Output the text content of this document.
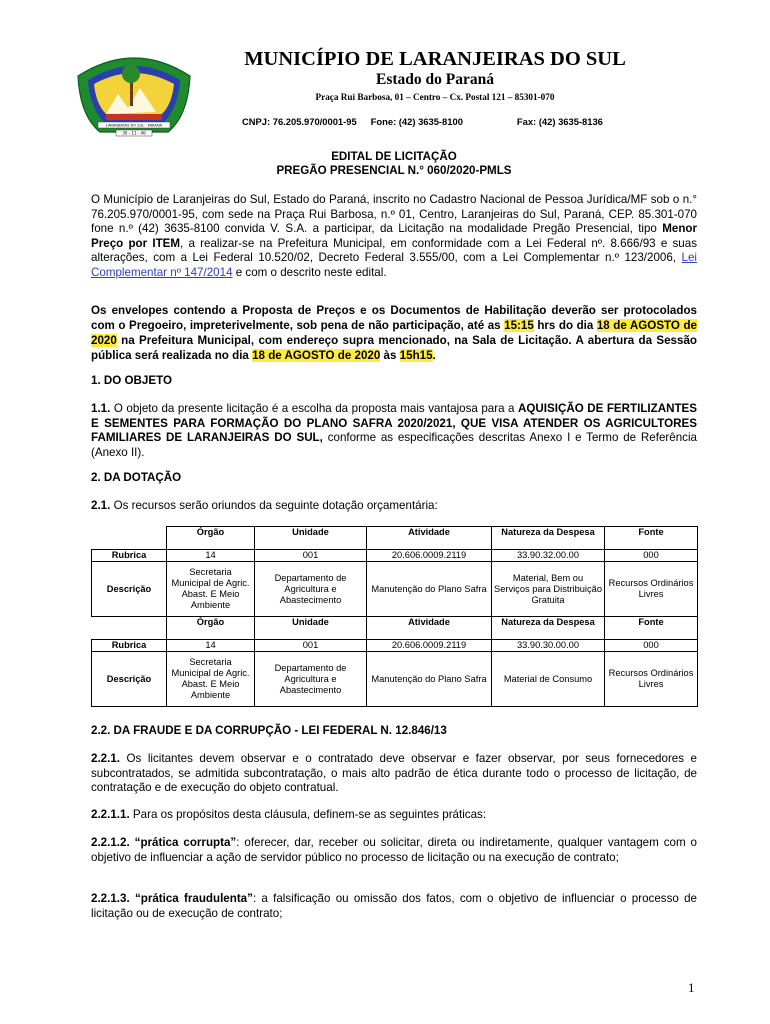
LARANJEIRAS DO SUL - PARANÁ
30 - 11 - 46
MUNICÍPIO DE LARANJEIRAS DO SUL
Estado do Paraná
Praça Rui Barbosa, 01 – Centro – Cx. Postal 121 – 85301-070
CNPJ: 76.205.970/0001-95 Fone: (42) 3635-8100	Fax: (42) 3635-8136
EDITAL DE LICITAÇÃO
PREGÃO PRESENCIAL N.° 060/2020-PMLS
O Município de Laranjeiras do Sul, Estado do Paraná, inscrito no Cadastro Nacional de Pessoa Jurídica/MF sob o n.° 76.205.970/0001-95, com sede na Praça Rui Barbosa, n.º 01, Centro, Laranjeiras do Sul, Paraná, CEP. 85.301-070 fone n.º (42) 3635-8100 convida V. S.A. a participar, da Licitação na modalidade Pregão Presencial, tipo Menor Preço por ITEM, a realizar-se na Prefeitura Municipal, em conformidade com a Lei Federal nº. 8.666/93 e suas alterações, com a Lei Federal 10.520/02, Decreto Federal 3.555/00, com a Lei Complementar n.º 123/2006, Lei Complementar nº 147/2014 e com o descrito neste edital.
Os envelopes contendo a Proposta de Preços e os Documentos de Habilitação deverão ser protocolados com o Pregoeiro, impreterivelmente, sob pena de não participação, até as 15:15 hrs do dia 18 de AGOSTO de 2020 na Prefeitura Municipal, com endereço supra mencionado, na Sala de Licitação. A abertura da Sessão pública será realizada no dia 18 de AGOSTO de 2020 às 15h15.
1. DO OBJETO
1.1. O objeto da presente licitação é a escolha da proposta mais vantajosa para a AQUISIÇÃO DE FERTILIZANTES E SEMENTES PARA FORMAÇÃO DO PLANO SAFRA 2020/2021, QUE VISA ATENDER OS AGRICULTORES FAMILIARES DE LARANJEIRAS DO SUL, conforme as especificações descritas Anexo I e Termo de Referência (Anexo II).
2. DA DOTAÇÃO
2.1. Os recursos serão oriundos da seguinte dotação orçamentária:
	Órgão	Unidade	Atividade	Natureza da Despesa	Fonte
Rubrica	14	001	20.606.0009.2119	33.90.32.00.00	000
Descrição	Secretaria Municipal de Agric. Abast. E Meio Ambiente	Departamento de Agricultura e Abastecimento	Manutenção do Plano Safra	Material, Bem ou Serviços para Distribuição Gratuita	Recursos Ordinários Livres
	Órgão	Unidade	Atividade	Natureza da Despesa	Fonte
Rubrica	14	001	20.606.0009.2119	33.90.30.00.00	000
Descrição	Secretaria Municipal de Agric. Abast. E Meio Ambiente	Departamento de Agricultura e Abastecimento	Manutenção do Plano Safra	Material de Consumo	Recursos Ordinários Livres
2.2. DA FRAUDE E DA CORRUPÇÃO - LEI FEDERAL N. 12.846/13
2.2.1. Os licitantes devem observar e o contratado deve observar e fazer observar, por seus fornecedores e subcontratados, se admitida subcontratação, o mais alto padrão de ética durante todo o processo de licitação, de contratação e de execução do objeto contratual.
2.2.1.1. Para os propósitos desta cláusula, definem-se as seguintes práticas:
2.2.1.2. “prática corrupta”: oferecer, dar, receber ou solicitar, direta ou indiretamente, qualquer vantagem com o objetivo de influenciar a ação de servidor público no processo de licitação ou na execução de contrato;
2.2.1.3. “prática fraudulenta”: a falsificação ou omissão dos fatos, com o objetivo de influenciar o processo de licitação ou de execução de contrato;
1
